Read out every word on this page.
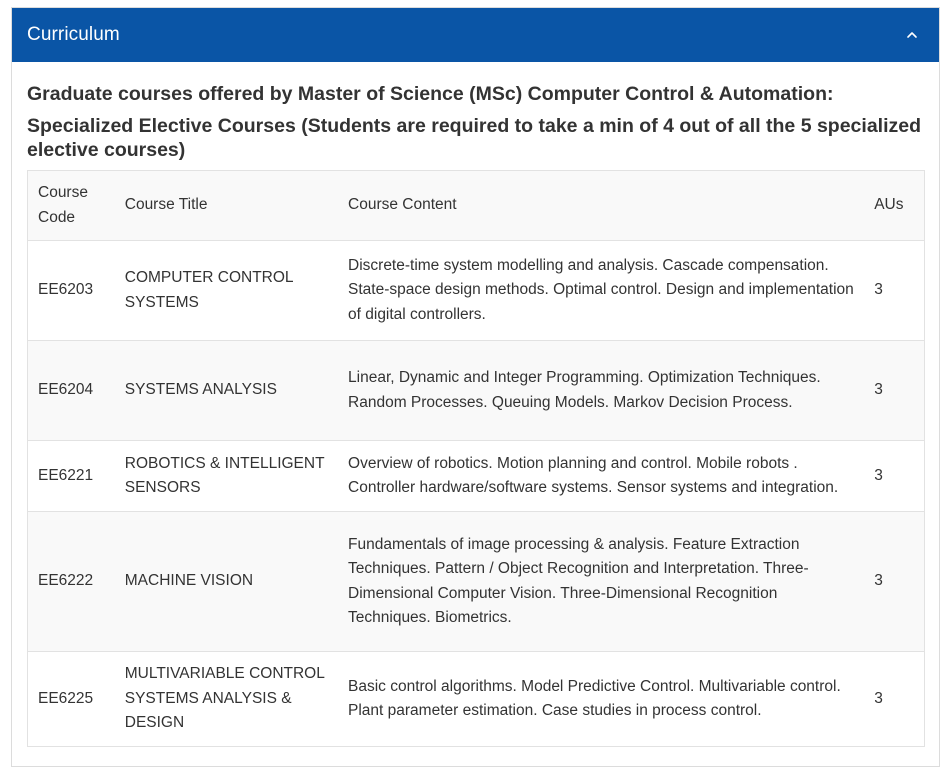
Curriculum

Graduate courses offered by Master of Science (MSc) Computer Control & Automation:

Specialized Elective Courses (Students are required to take a min of 4 out of all the 5 specialized elective courses)

Course Code	Course Title	Course Content	AUs
EE6203	COMPUTER CONTROL SYSTEMS	Discrete-time system modelling and analysis. Cascade compensation. State-space design methods. Optimal control. Design and implementation of digital controllers.	3
EE6204	SYSTEMS ANALYSIS	Linear, Dynamic and Integer Programming. Optimization Techniques. Random Processes. Queuing Models. Markov Decision Process.	3
EE6221	ROBOTICS & INTELLIGENT SENSORS	Overview of robotics. Motion planning and control. Mobile robots . Controller hardware/software systems. Sensor systems and integration.	3
EE6222	MACHINE VISION	Fundamentals of image processing & analysis. Feature Extraction Techniques. Pattern / Object Recognition and Interpretation. Three-Dimensional Computer Vision. Three-Dimensional Recognition Techniques. Biometrics.	3
EE6225	MULTIVARIABLE CONTROL SYSTEMS ANALYSIS & DESIGN	Basic control algorithms. Model Predictive Control. Multivariable control. Plant parameter estimation. Case studies in process control.	3
